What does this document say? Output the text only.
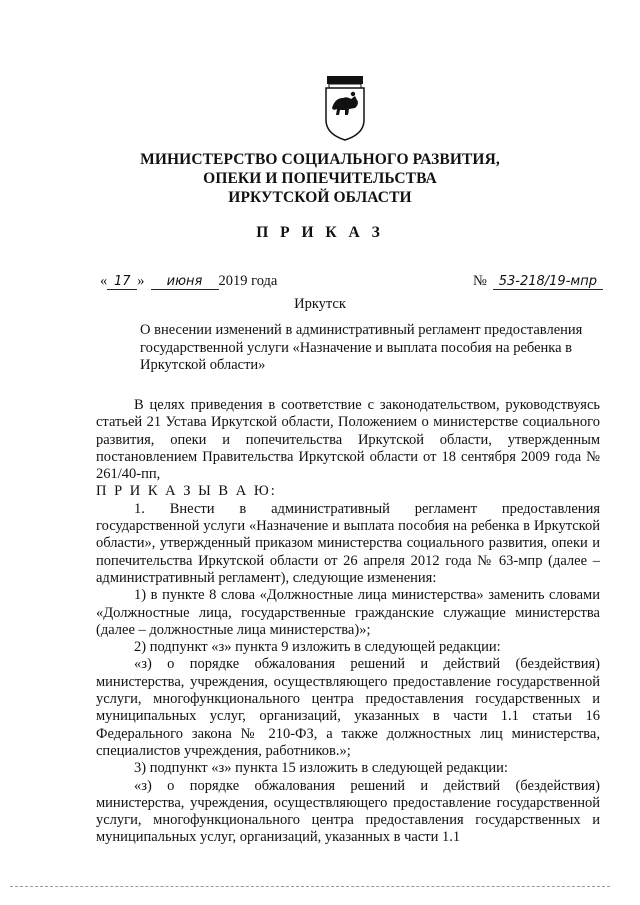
МИНИСТЕРСТВО СОЦИАЛЬНОГО РАЗВИТИЯ,
ОПЕКИ И ПОПЕЧИТЕЛЬСТВА
ИРКУТСКОЙ ОБЛАСТИ
П Р И К А З
« 17 » июня 2019 года	№ 53-218/19-мпр
Иркутск
О внесении изменений в административный регламент предоставления государственной услуги «Назначение и выплата пособия на ребенка в Иркутской области»

В целях приведения в соответствие с законодательством, руководствуясь статьей 21 Устава Иркутской области, Положением о министерстве социального развития, опеки и попечительства Иркутской области, утвержденным постановлением Правительства Иркутской области от 18 сентября 2009 года № 261/40-пп,

П Р И К А З Ы В А Ю:

1. Внести в административный регламент предоставления государственной услуги «Назначение и выплата пособия на ребенка в Иркутской области», утвержденный приказом министерства социального развития, опеки и попечительства Иркутской области от 26 апреля 2012 года № 63-мпр (далее – административный регламент), следующие изменения:

1) в пункте 8 слова «Должностные лица министерства» заменить словами «Должностные лица, государственные гражданские служащие министерства (далее – должностные лица министерства)»;

2) подпункт «з» пункта 9 изложить в следующей редакции:

«з) о порядке обжалования решений и действий (бездействия) министерства, учреждения, осуществляющего предоставление государственной услуги, многофункционального центра предоставления государственных и муниципальных услуг, организаций, указанных в части 1.1 статьи 16 Федерального закона № 210-ФЗ, а также должностных лиц министерства, специалистов учреждения, работников.»;

3) подпункт «з» пункта 15 изложить в следующей редакции:

«з) о порядке обжалования решений и действий (бездействия) министерства, учреждения, осуществляющего предоставление государственной услуги, многофункционального центра предоставления государственных и муниципальных услуг, организаций, указанных в части 1.1
